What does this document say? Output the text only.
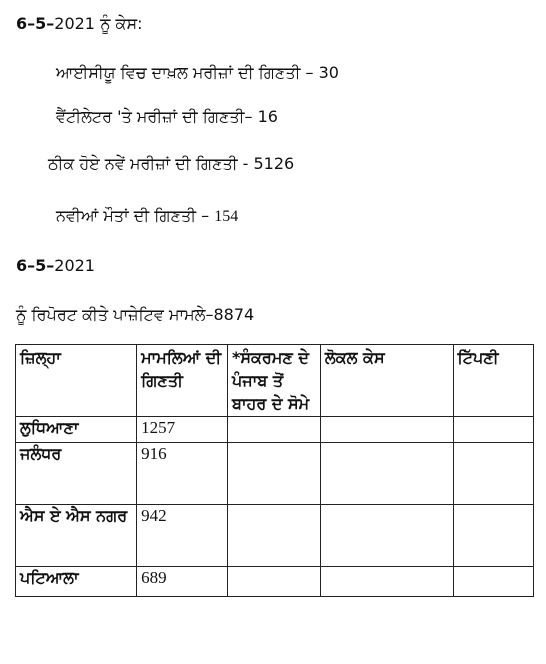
6–5–2021 ਨੂੰ ਕੇਸ:
ਆਈਸੀਯੂ ਵਿਚ ਦਾਖ਼ਲ ਮਰੀਜ਼ਾਂ ਦੀ ਗਿਣਤੀ – 30
ਵੈਂਟੀਲੇਟਰ 'ਤੇ ਮਰੀਜ਼ਾਂ ਦੀ ਗਿਣਤੀ– 16
ਠੀਕ ਹੋਏ ਨਵੇਂ ਮਰੀਜ਼ਾਂ ਦੀ ਗਿਣਤੀ - 5126
ਨਵੀਆਂ ਮੌਤਾਂ ਦੀ ਗਿਣਤੀ – 154
6–5–2021
ਨੂੰ ਰਿਪੋਰਟ ਕੀਤੇ ਪਾਜ਼ੇਟਿਵ ਮਾਮਲੇ–8874
ਜ਼ਿਲ੍ਹਾ	ਮਾਮਲਿਆਂ ਦੀ ਗਿਣਤੀ	*ਸੰਕਰਮਣ ਦੇ ਪੰਜਾਬ ਤੋਂ ਬਾਹਰ ਦੇ ਸੋਮੇ	ਲੋਕਲ ਕੇਸ	ਟਿੱਪਣੀ
ਲੁਧਿਆਣਾ	1257			
ਜਲੰਧਰ	916			
ਐਸ ਏ ਐਸ ਨਗਰ	942			
ਪਟਿਆਲਾ	689			
